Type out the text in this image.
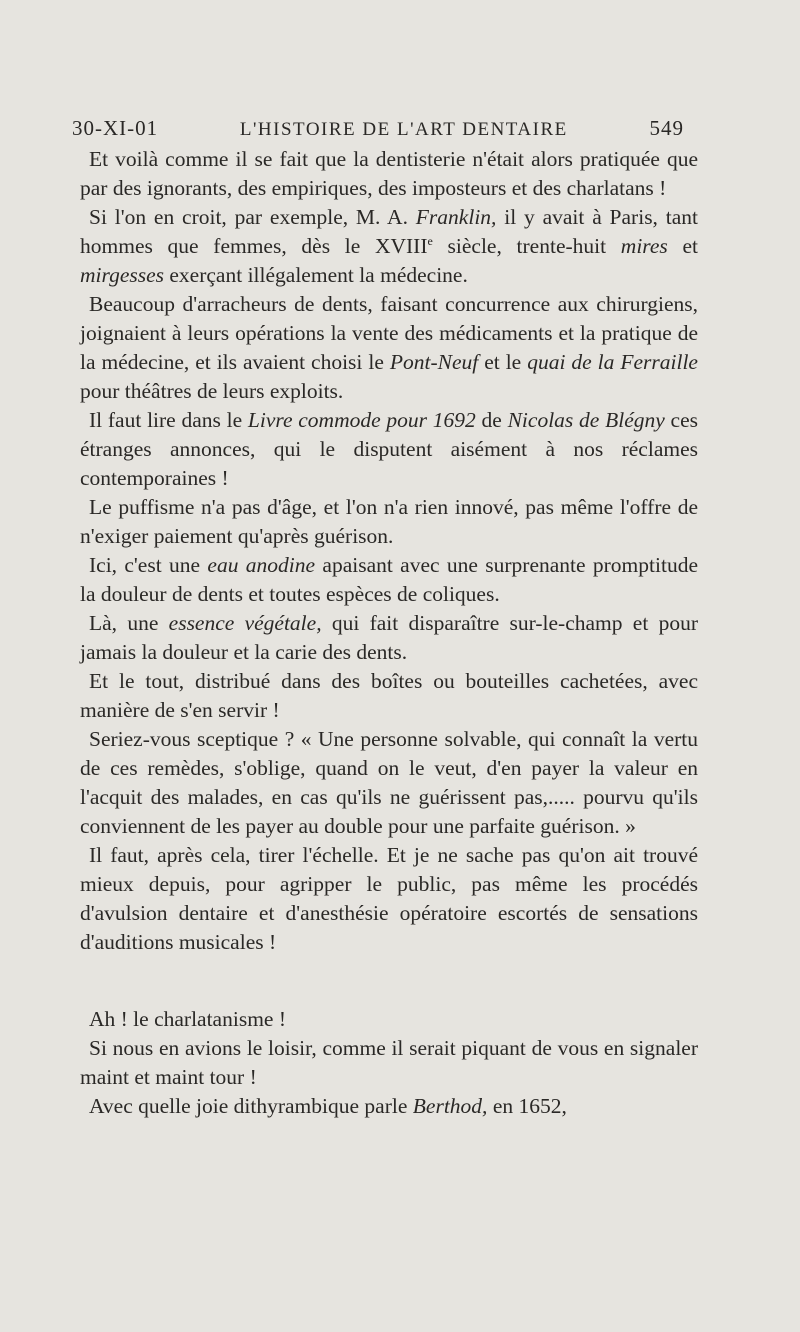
30-XI-01	L'HISTOIRE DE L'ART DENTAIRE	549

Et voilà comme il se fait que la dentisterie n'était alors pratiquée que par des ignorants, des empiriques, des imposteurs et des charlatans !

Si l'on en croit, par exemple, M. A. Franklin, il y avait à Paris, tant hommes que femmes, dès le XVIIIe siècle, trente-huit mires et mirgesses exerçant illégalement la médecine.

Beaucoup d'arracheurs de dents, faisant concurrence aux chirurgiens, joignaient à leurs opérations la vente des médicaments et la pratique de la médecine, et ils avaient choisi le Pont-Neuf et le quai de la Ferraille pour théâtres de leurs exploits.

Il faut lire dans le Livre commode pour 1692 de Nicolas de Blégny ces étranges annonces, qui le disputent aisément à nos réclames contemporaines !

Le puffisme n'a pas d'âge, et l'on n'a rien innové, pas même l'offre de n'exiger paiement qu'après guérison.

Ici, c'est une eau anodine apaisant avec une surprenante promptitude la douleur de dents et toutes espèces de coliques.

Là, une essence végétale, qui fait disparaître sur-le-champ et pour jamais la douleur et la carie des dents.

Et le tout, distribué dans des boîtes ou bouteilles cachetées, avec manière de s'en servir !

Seriez-vous sceptique ? « Une personne solvable, qui connaît la vertu de ces remèdes, s'oblige, quand on le veut, d'en payer la valeur en l'acquit des malades, en cas qu'ils ne guérissent pas,..... pourvu qu'ils conviennent de les payer au double pour une parfaite guérison. »

Il faut, après cela, tirer l'échelle. Et je ne sache pas qu'on ait trouvé mieux depuis, pour agripper le public, pas même les procédés d'avulsion dentaire et d'anesthésie opératoire escortés de sensations d'auditions musicales !

Ah ! le charlatanisme !

Si nous en avions le loisir, comme il serait piquant de vous en signaler maint et maint tour !

Avec quelle joie dithyrambique parle Berthod, en 1652,
